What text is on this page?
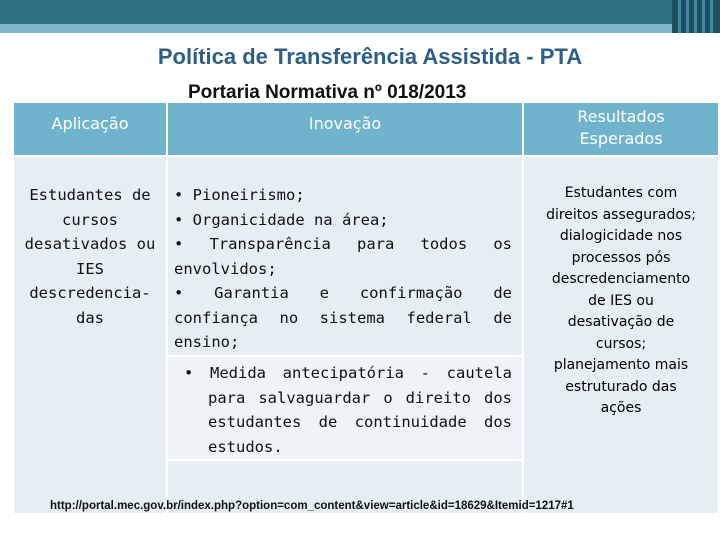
Política de Transferência Assistida - PTA
Portaria Normativa nº 018/2013
Aplicação
Estudantes de
cursos
desativados ou
IES
descredencia-
das
Inovação
• Pioneirismo;
• Organicidade na área;
• Transparência para todos os
envolvidos;
• Garantia e confirmação de
confiança no sistema federal de
ensino;
• Medida antecipatória - cautela
para salvaguardar o direito dos
estudantes de continuidade dos
estudos.
Resultados
Esperados
Estudantes com
direitos assegurados;
dialogicidade nos
processos pós
descredenciamento
de IES ou
desativação de
cursos;
planejamento mais
estruturado das
ações
http://portal.mec.gov.br/index.php?option=com_content&view=article&id=18629&Itemid=1217#1
